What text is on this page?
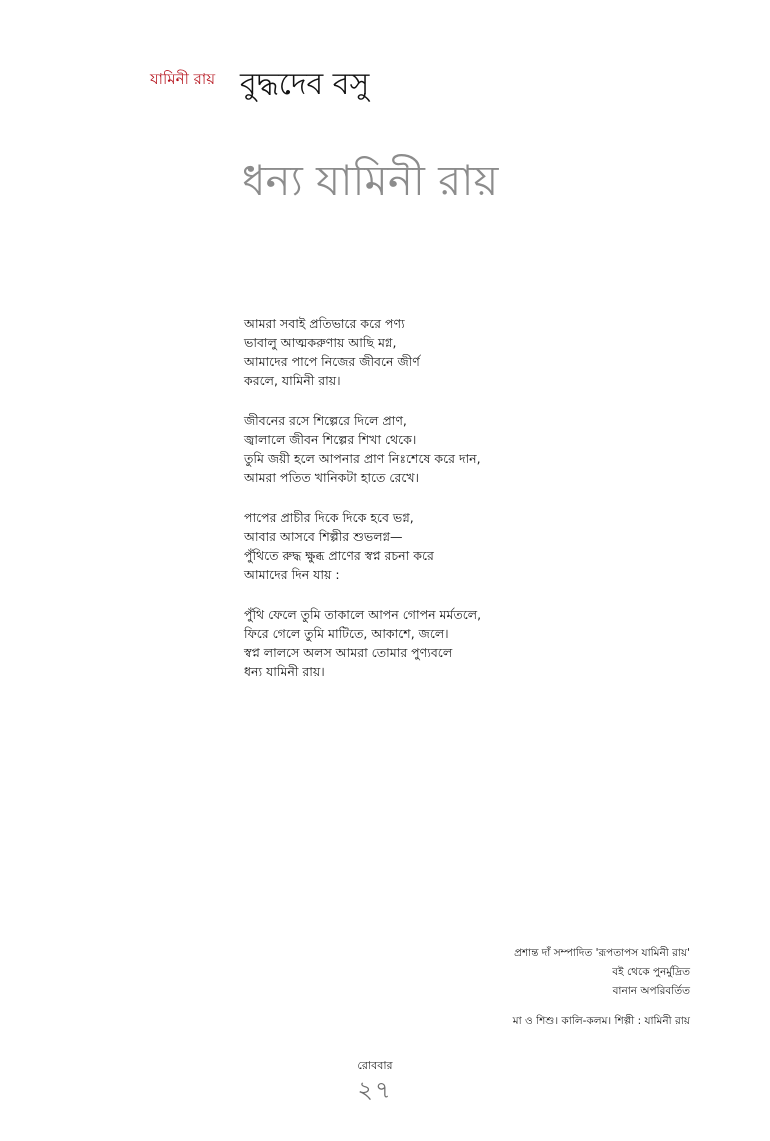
যামিনী রায় বুদ্ধদেব বসু
ধন্য যামিনী রায়
আমরা সবাই প্রতিভারে করে পণ্য
ভাবালু আত্মকরুণায় আছি মগ্ন,
আমাদের পাপে নিজের জীবনে জীর্ণ
করলে, যামিনী রায়।
জীবনের রসে শিল্পেরে দিলে প্রাণ,
জ্বালালে জীবন শিল্পের শিখা থেকে।
তুমি জয়ী হলে আপনার প্রাণ নিঃশেষে করে দান,
আমরা পতিত খানিকটা হাতে রেখে।
পাপের প্রাচীর দিকে দিকে হবে ভগ্ন,
আবার আসবে শিল্পীর শুভলগ্ন—
পুঁথিতে রুদ্ধ ক্ষুব্ধ প্রাণের স্বপ্ন রচনা করে
আমাদের দিন যায় :
পুঁথি ফেলে তুমি তাকালে আপন গোপন মর্মতলে,
ফিরে গেলে তুমি মাটিতে, আকাশে, জলে।
স্বপ্ন লালসে অলস আমরা তোমার পুণ্যবলে
ধন্য যামিনী রায়।
প্রশান্ত দাঁ সম্পাদিত 'রূপতাপস যামিনী রায়'
বই থেকে পুনর্মুদ্রিত
বানান অপরিবর্তিত
মা ও শিশু। কালি-কলম। শিল্পী : যামিনী রায়
রোববার
২৭
